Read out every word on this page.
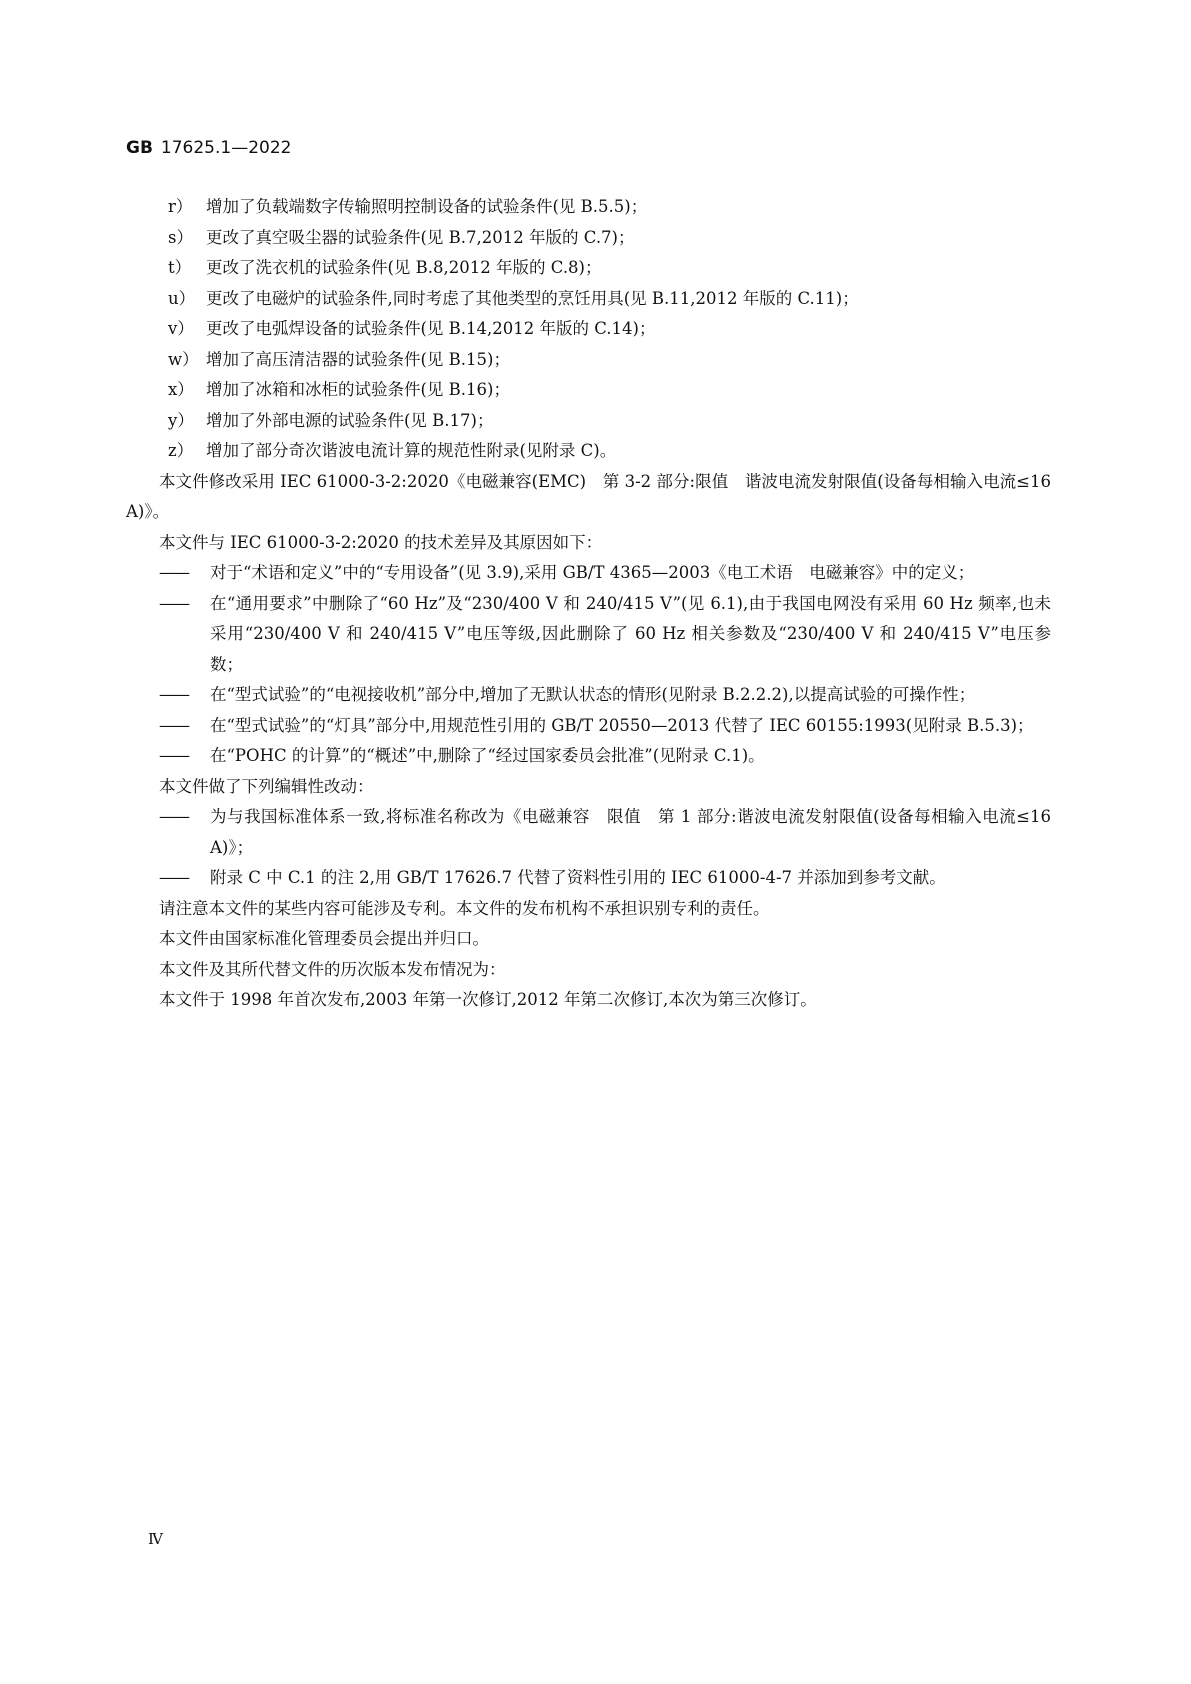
GB 17625.1—2022
r） 增加了负载端数字传输照明控制设备的试验条件(见 B.5.5)；
s） 更改了真空吸尘器的试验条件(见 B.7,2012 年版的 C.7)；
t） 更改了洗衣机的试验条件(见 B.8,2012 年版的 C.8)；
u） 更改了电磁炉的试验条件,同时考虑了其他类型的烹饪用具(见 B.11,2012 年版的 C.11)；
v） 更改了电弧焊设备的试验条件(见 B.14,2012 年版的 C.14)；
w） 增加了高压清洁器的试验条件(见 B.15)；
x） 增加了冰箱和冰柜的试验条件(见 B.16)；
y） 增加了外部电源的试验条件(见 B.17)；
z） 增加了部分奇次谐波电流计算的规范性附录(见附录 C)。
本文件修改采用 IEC 61000-3-2:2020《电磁兼容(EMC)　第 3-2 部分:限值　谐波电流发射限值(设备每相输入电流≤16 A)》。
本文件与 IEC 61000-3-2:2020 的技术差异及其原因如下：
——	对于“术语和定义”中的“专用设备”(见 3.9),采用 GB/T 4365—2003《电工术语　电磁兼容》中的定义；
——	在“通用要求”中删除了“60 Hz”及“230/400 V 和 240/415 V”(见 6.1),由于我国电网没有采用 60 Hz 频率,也未采用“230/400 V 和 240/415 V”电压等级,因此删除了 60 Hz 相关参数及“230/400 V 和 240/415 V”电压参数；
——	在“型式试验”的“电视接收机”部分中,增加了无默认状态的情形(见附录 B.2.2.2),以提高试验的可操作性；
——	在“型式试验”的“灯具”部分中,用规范性引用的 GB/T 20550—2013 代替了 IEC 60155:1993(见附录 B.5.3)；
——	在“POHC 的计算”的“概述”中,删除了“经过国家委员会批准”(见附录 C.1)。
本文件做了下列编辑性改动：
——	为与我国标准体系一致,将标准名称改为《电磁兼容　限值　第 1 部分:谐波电流发射限值(设备每相输入电流≤16 A)》；
——	附录 C 中 C.1 的注 2,用 GB/T 17626.7 代替了资料性引用的 IEC 61000-4-7 并添加到参考文献。
请注意本文件的某些内容可能涉及专利。本文件的发布机构不承担识别专利的责任。
本文件由国家标准化管理委员会提出并归口。
本文件及其所代替文件的历次版本发布情况为：
本文件于 1998 年首次发布,2003 年第一次修订,2012 年第二次修订,本次为第三次修订。
Ⅳ
